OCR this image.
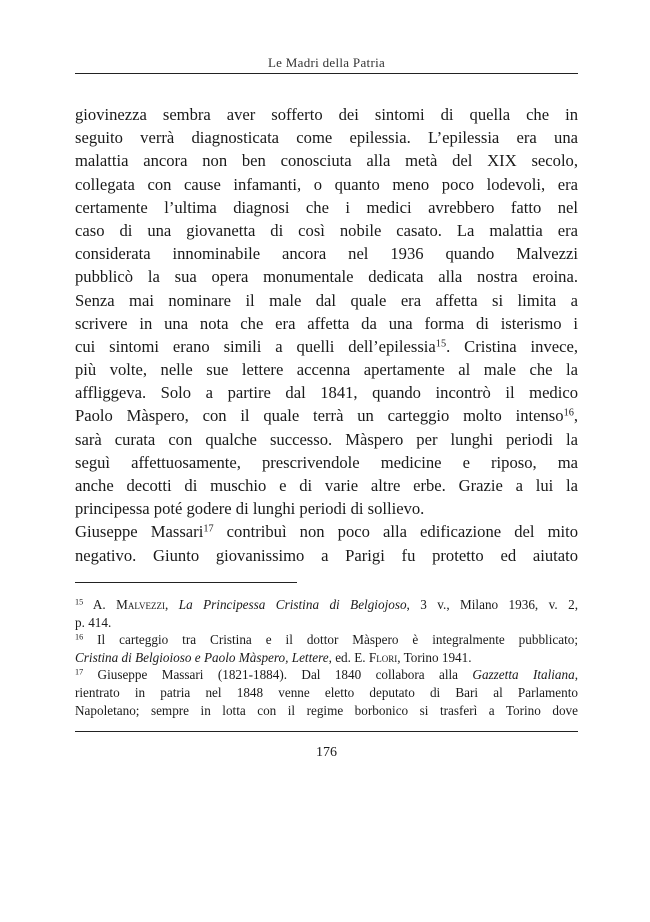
Le Madri della Patria
giovinezza sembra aver sofferto dei sintomi di quella che in
seguito verrà diagnosticata come epilessia. L’epilessia era una
malattia ancora non ben conosciuta alla metà del XIX secolo,
collegata con cause infamanti, o quanto meno poco lodevoli, era
certamente l’ultima diagnosi che i medici avrebbero fatto nel
caso di una giovanetta di così nobile casato. La malattia era
considerata innominabile ancora nel 1936 quando Malvezzi
pubblicò la sua opera monumentale dedicata alla nostra eroina.
Senza mai nominare il male dal quale era affetta si limita a
scrivere in una nota che era affetta da una forma di isterismo i
cui sintomi erano simili a quelli dell’epilessia$^{15}$. Cristina invece,
più volte, nelle sue lettere accenna apertamente al male che la
affliggeva. Solo a partire dal 1841, quando incontrò il medico
Paolo Màspero, con il quale terrà un carteggio molto intenso$^{16}$,
sarà curata con qualche successo. Màspero per lunghi periodi la
seguì affettuosamente, prescrivendole medicine e riposo, ma
anche decotti di muschio e di varie altre erbe. Grazie a lui la
principessa poté godere di lunghi periodi di sollievo.
Giuseppe Massari$^{17}$ contribuì non poco alla edificazione del mito
negativo. Giunto giovanissimo a Parigi fu protetto ed aiutato
$^{15}$ A. Malvezzi, La Principessa Cristina di Belgiojoso, 3 v., Milano 1936, v. 2,
p. 414.
$^{16}$ Il carteggio tra Cristina e il dottor Màspero è integralmente pubblicato;
Cristina di Belgioioso e Paolo Màspero, Lettere, ed. E. Flori, Torino 1941.
$^{17}$ Giuseppe Massari (1821-1884). Dal 1840 collabora alla Gazzetta Italiana,
rientrato in patria nel 1848 venne eletto deputato di Bari al Parlamento
Napoletano; sempre in lotta con il regime borbonico si trasferì a Torino dove
176
